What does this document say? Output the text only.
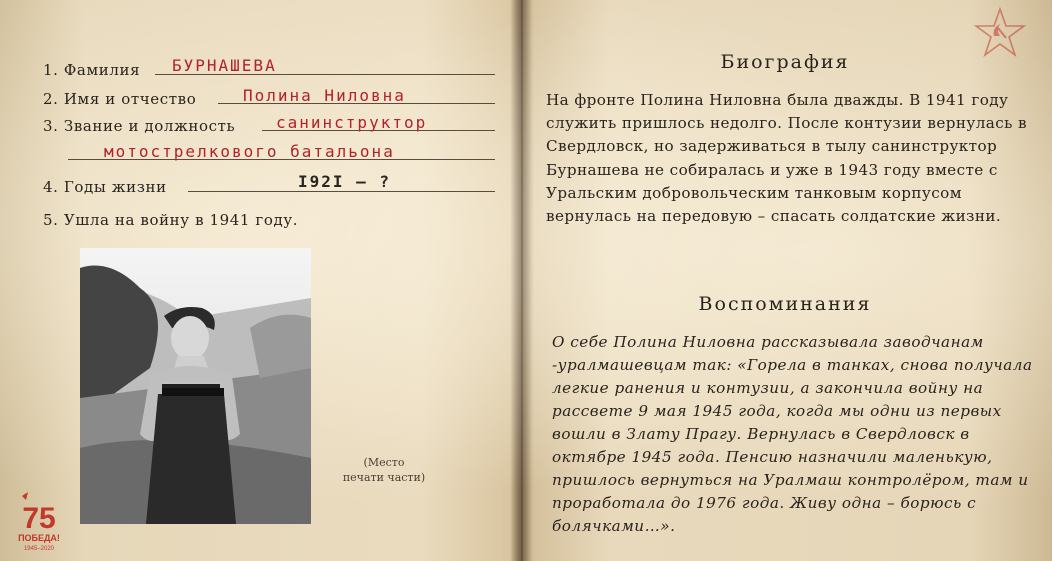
1. Фамилия БУРНАШЕВА
2. Имя и отчество	Полина Ниловна
3. Звание и должность	санинструктор
мотострелкового батальона
4. Годы жизни	I92I — ?
5. Ушла на войну в 1941 году.
(Место
печати части)
75
ПОБЕДА!
1945–2020
Биография

На фронте Полина Ниловна была дважды. В 1941 году служить пришлось недолго. После контузии вернулась в Свердловск, но задерживаться в тылу санинструктор Бурнашева не собиралась и уже в 1943 году вместе с Уральским добровольческим танковым корпусом вернулась на передовую – спасать солдатские жизни.

Воспоминания

О себе Полина Ниловна рассказывала заводчанам -уралмашевцам так: «Горела в танках, снова получала легкие ранения и контузии, а закончила войну на рассвете 9 мая 1945 года, когда мы одни из первых вошли в Злату Прагу. Вернулась в Свердловск в октябре 1945 года. Пенсию назначили маленькую, пришлось вернуться на Уралмаш контролёром, там и проработала до 1976 года. Живу одна – борюсь с болячками…».
